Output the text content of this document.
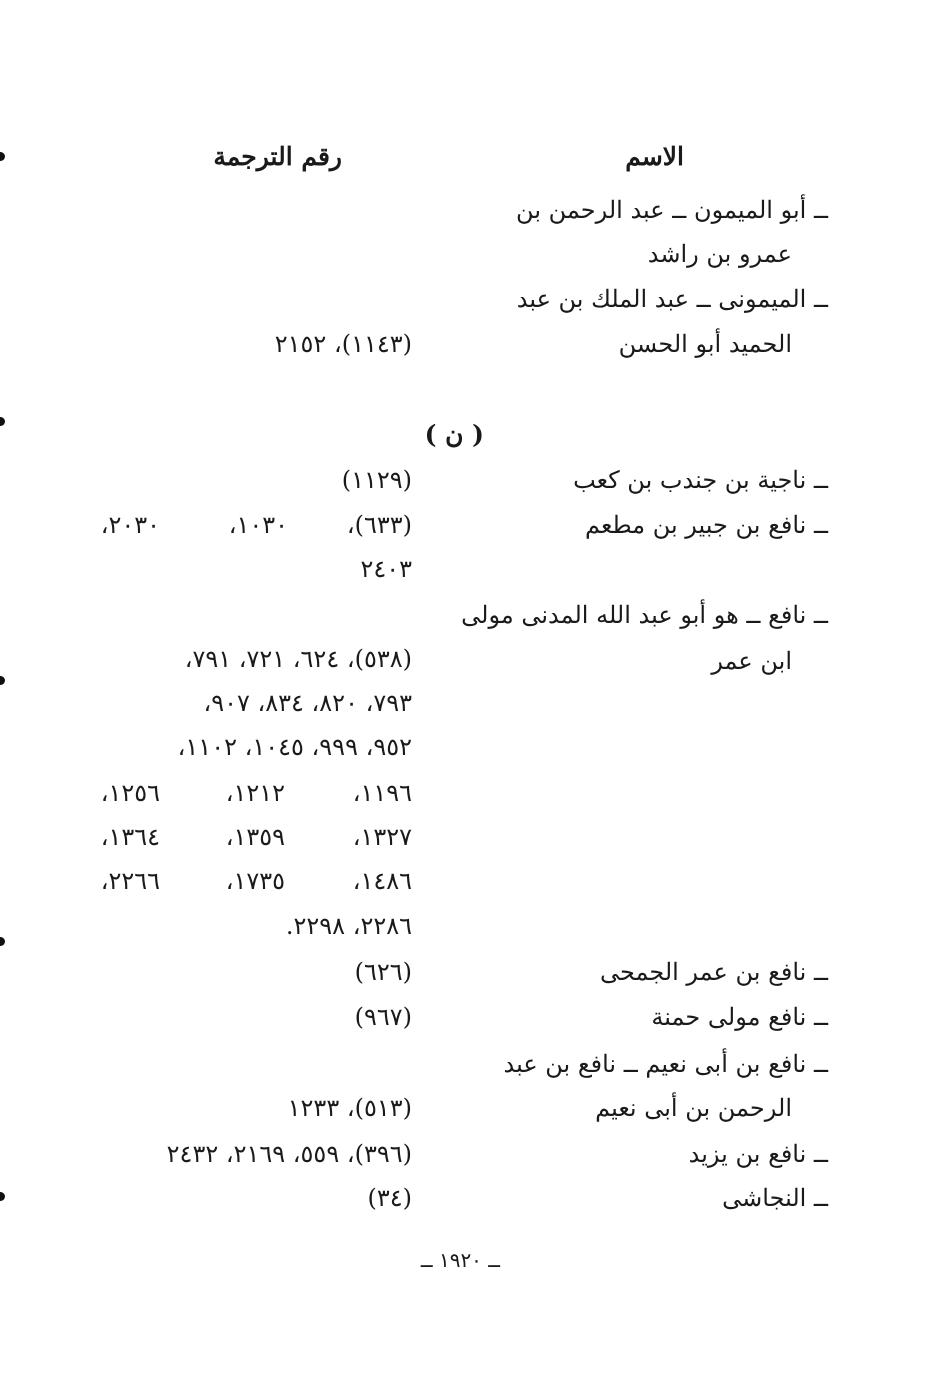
الاسم
رقم الترجمة
ــ أبو الميمون ــ عبد الرحمن بن
عمرو بن راشد
ــ الميمونى ــ عبد الملك بن عبد
الحميد أبو الحسن
(١١٤٣)، ٢١٥٢
( ن )
ــ ناجية بن جندب بن كعب
(١١٢٩)
ــ نافع بن جبير بن مطعم
(٦٣٣)،
١٠٣٠،
٢٠٣٠،
٢٤٠٣
ــ نافع ــ هو أبو عبد الله المدنى مولى
ابن عمر
(٥٣٨)، ٦٢٤، ٧٢١، ٧٩١،
٧٩٣، ٨٢٠، ٨٣٤، ٩٠٧،
٩٥٢، ٩٩٩، ١٠٤٥، ١١٠٢،
١١٩٦،
١٢١٢،
١٢٥٦،
١٣٢٧،
١٣٥٩،
١٣٦٤،
١٤٨٦،
١٧٣٥،
٢٢٦٦،
٢٢٨٦، ٢٢٩٨.
ــ نافع بن عمر الجمحى
(٦٢٦)
ــ نافع مولى حمنة
(٩٦٧)
ــ نافع بن أبى نعيم ــ نافع بن عبد
الرحمن بن أبى نعيم
(٥١٣)، ١٢٣٣
ــ نافع بن يزيد
(٣٩٦)، ٥٥٩، ٢١٦٩، ٢٤٣٢
ــ النجاشى
(٣٤)
ــ ١٩٢٠ ــ
